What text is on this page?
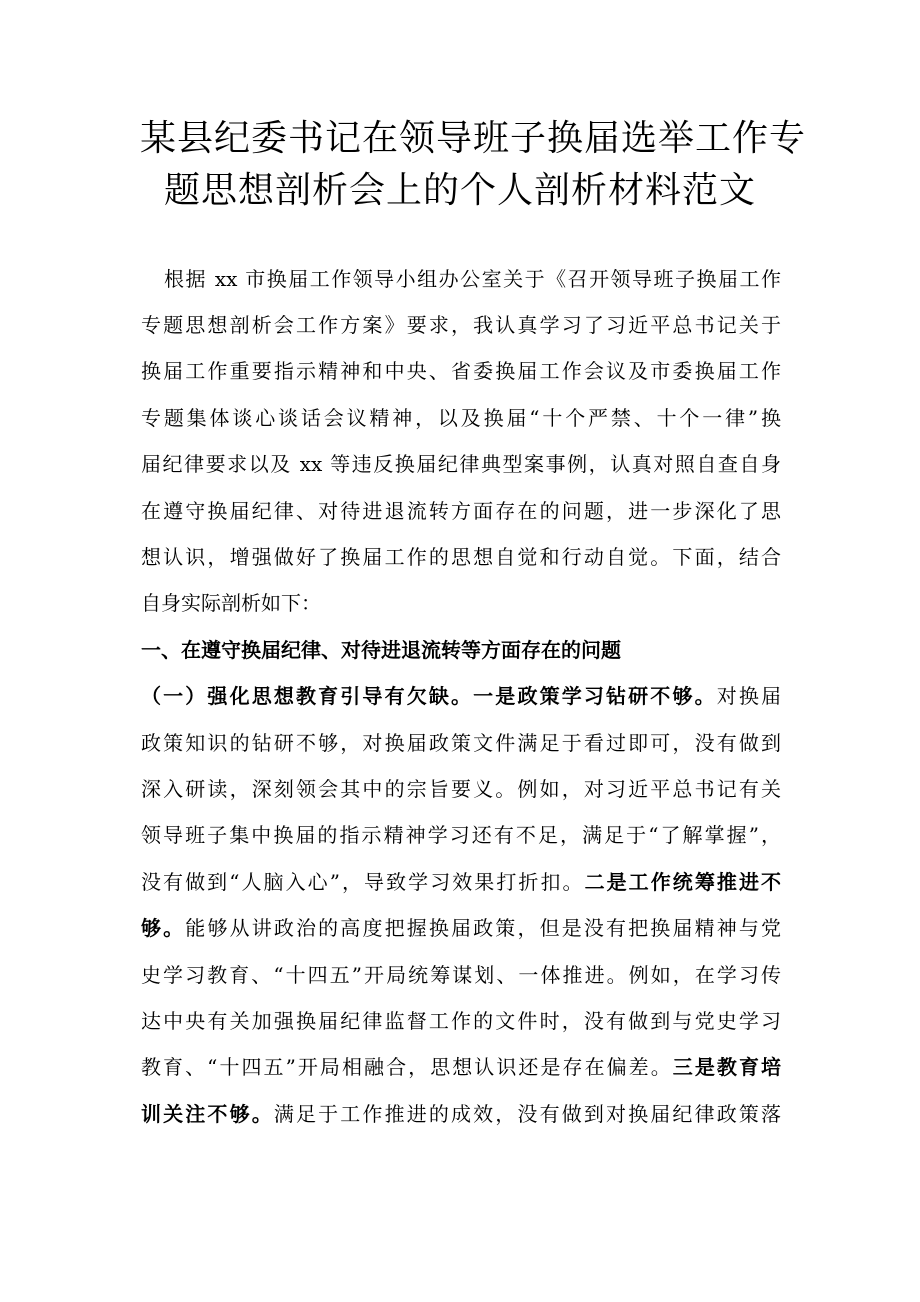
某县纪委书记在领导班子换届选举工作专
题思想剖析会上的个人剖析材料范文
根据 xx 市换届工作领导小组办公室关于《召开领导班子换届工作
专题思想剖析会工作方案》要求，我认真学习了习近平总书记关于
换届工作重要指示精神和中央、省委换届工作会议及市委换届工作
专题集体谈心谈话会议精神，以及换届“十个严禁、十个一律”换
届纪律要求以及 xx 等违反换届纪律典型案事例，认真对照自查自身
在遵守换届纪律、对待进退流转方面存在的问题，进一步深化了思
想认识，增强做好了换届工作的思想自觉和行动自觉。下面，结合
自身实际剖析如下：
一、在遵守换届纪律、对待进退流转等方面存在的问题
（一）强化思想教育引导有欠缺。一是政策学习钻研不够。对换届
政策知识的钻研不够，对换届政策文件满足于看过即可，没有做到
深入研读，深刻领会其中的宗旨要义。例如，对习近平总书记有关
领导班子集中换届的指示精神学习还有不足，满足于“了解掌握”，
没有做到“人脑入心”，导致学习效果打折扣。二是工作统筹推进不
够。能够从讲政治的高度把握换届政策，但是没有把换届精神与党
史学习教育、“十四五”开局统筹谋划、一体推进。例如，在学习传
达中央有关加强换届纪律监督工作的文件时，没有做到与党史学习
教育、“十四五”开局相融合，思想认识还是存在偏差。三是教育培
训关注不够。满足于工作推进的成效，没有做到对换届纪律政策落
